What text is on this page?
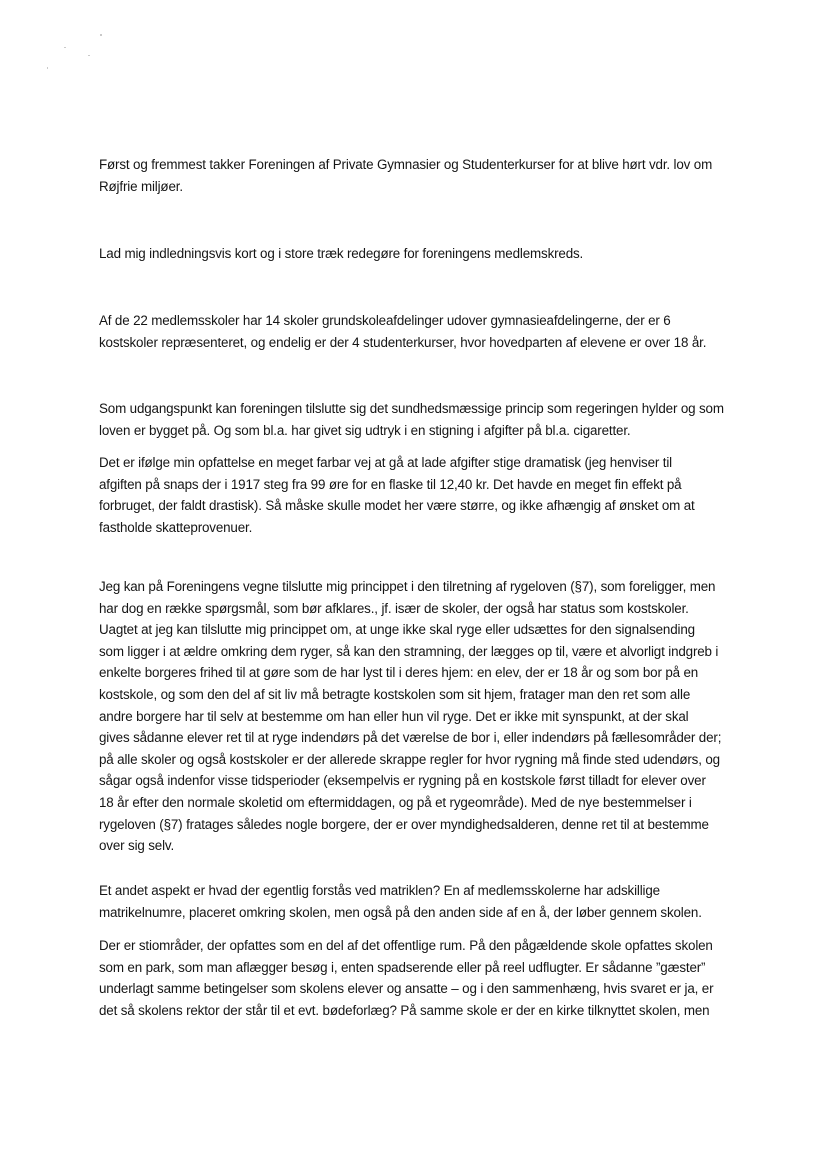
Først og fremmest takker Foreningen af Private Gymnasier og Studenterkurser for at blive hørt vdr. lov om
Røjfrie miljøer.

Lad mig indledningsvis kort og i store træk redegøre for foreningens medlemskreds.

Af de 22 medlemsskoler har 14 skoler grundskoleafdelinger udover gymnasieafdelingerne, der er 6
kostskoler repræsenteret, og endelig er der 4 studenterkurser, hvor hovedparten af elevene er over 18 år.

Som udgangspunkt kan foreningen tilslutte sig det sundhedsmæssige princip som regeringen hylder og som
loven er bygget på. Og som bl.a. har givet sig udtryk i en stigning i afgifter på bl.a. cigaretter.

Det er ifølge min opfattelse en meget farbar vej at gå at lade afgifter stige dramatisk (jeg henviser til
afgiften på snaps der i 1917 steg fra 99 øre for en flaske til 12,40 kr. Det havde en meget fin effekt på
forbruget, der faldt drastisk). Så måske skulle modet her være større, og ikke afhængig af ønsket om at
fastholde skatteprovenuer.

Jeg kan på Foreningens vegne tilslutte mig princippet i den tilretning af rygeloven (§7), som foreligger, men
har dog en række spørgsmål, som bør afklares., jf. især de skoler, der også har status som kostskoler.
Uagtet at jeg kan tilslutte mig princippet om, at unge ikke skal ryge eller udsættes for den signalsending
som ligger i at ældre omkring dem ryger, så kan den stramning, der lægges op til, være et alvorligt indgreb i
enkelte borgeres frihed til at gøre som de har lyst til i deres hjem: en elev, der er 18 år og som bor på en
kostskole, og som den del af sit liv må betragte kostskolen som sit hjem, fratager man den ret som alle
andre borgere har til selv at bestemme om han eller hun vil ryge. Det er ikke mit synspunkt, at der skal
gives sådanne elever ret til at ryge indendørs på det værelse de bor i, eller indendørs på fællesområder der;
på alle skoler og også kostskoler er der allerede skrappe regler for hvor rygning må finde sted udendørs, og
sågar også indenfor visse tidsperioder (eksempelvis er rygning på en kostskole først tilladt for elever over
18 år efter den normale skoletid om eftermiddagen, og på et rygeområde). Med de nye bestemmelser i
rygeloven (§7) fratages således nogle borgere, der er over myndighedsalderen, denne ret til at bestemme
over sig selv.

Et andet aspekt er hvad der egentlig forstås ved matriklen? En af medlemsskolerne har adskillige
matrikelnumre, placeret omkring skolen, men også på den anden side af en å, der løber gennem skolen.

Der er stiområder, der opfattes som en del af det offentlige rum. På den pågældende skole opfattes skolen
som en park, som man aflægger besøg i, enten spadserende eller på reel udflugter. Er sådanne ”gæster”
underlagt samme betingelser som skolens elever og ansatte – og i den sammenhæng, hvis svaret er ja, er
det så skolens rektor der står til et evt. bødeforlæg? På samme skole er der en kirke tilknyttet skolen, men
